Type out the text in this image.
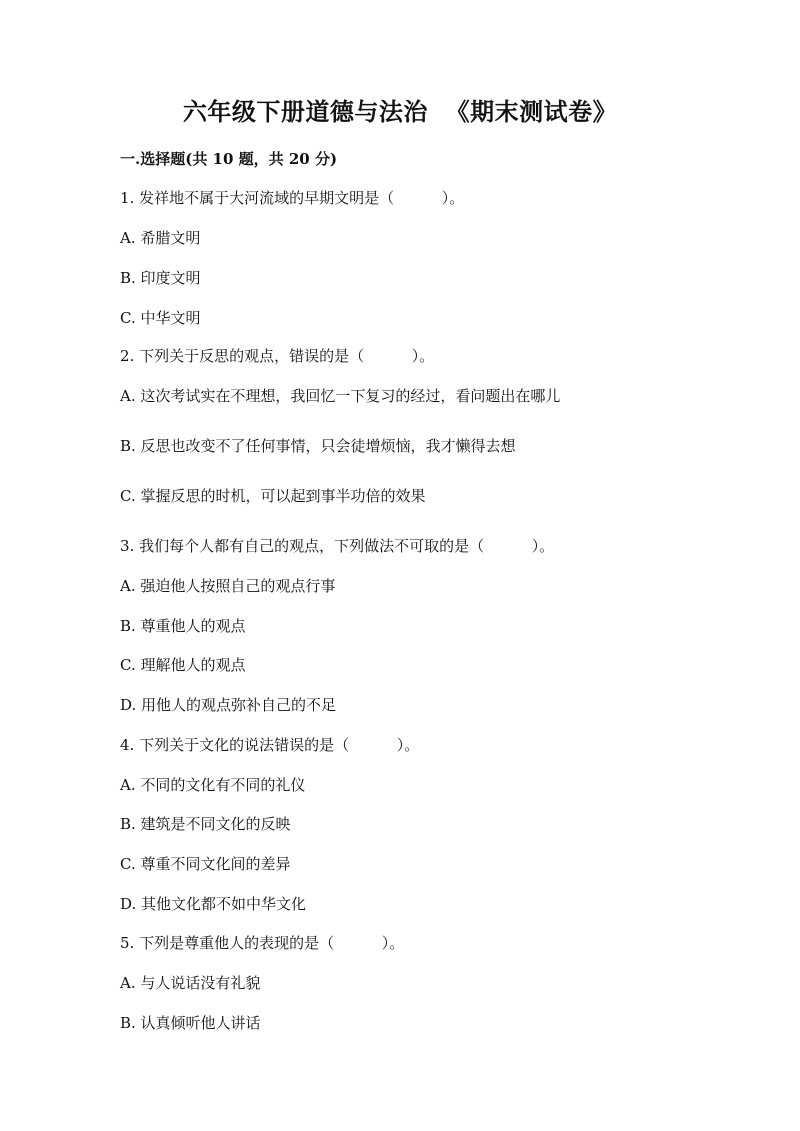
六年级下册道德与法治  《期末测试卷》
一.选择题(共 10 题，共 20 分)
1. 发祥地不属于大河流域的早期文明是（          ）。
A. 希腊文明
B. 印度文明
C. 中华文明
2. 下列关于反思的观点，错误的是（          ）。
A. 这次考试实在不理想，我回忆一下复习的经过，看问题出在哪儿
B. 反思也改变不了任何事情，只会徒增烦恼，我才懒得去想
C. 掌握反思的时机，可以起到事半功倍的效果
3. 我们每个人都有自己的观点，下列做法不可取的是（          ）。
A. 强迫他人按照自己的观点行事
B. 尊重他人的观点
C. 理解他人的观点
D. 用他人的观点弥补自己的不足
4. 下列关于文化的说法错误的是（          ）。
A. 不同的文化有不同的礼仪
B. 建筑是不同文化的反映
C. 尊重不同文化间的差异
D. 其他文化都不如中华文化
5. 下列是尊重他人的表现的是（          ）。
A. 与人说话没有礼貌
B. 认真倾听他人讲话
